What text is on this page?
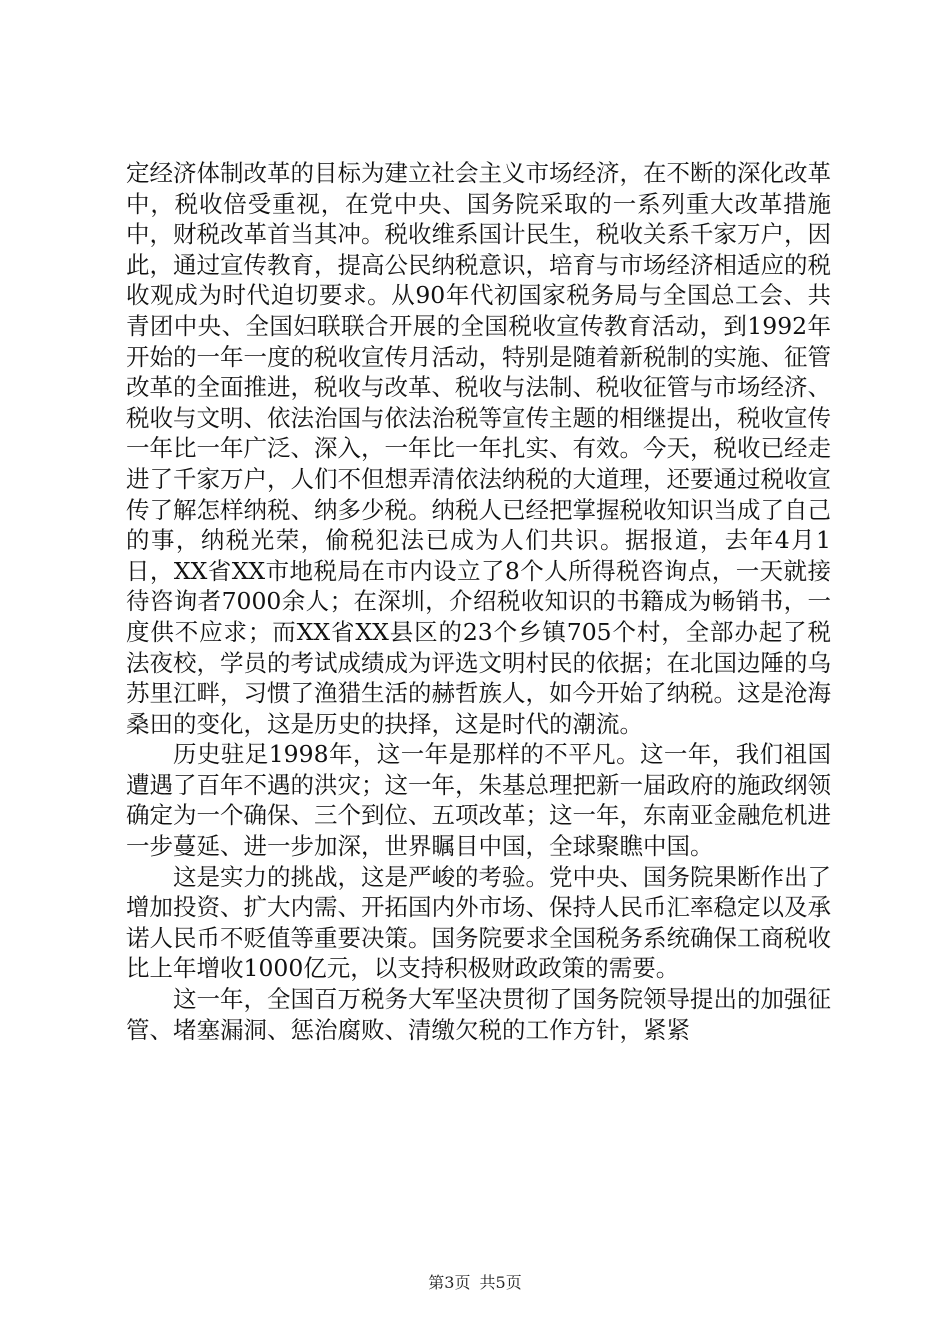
定经济体制改革的目标为建立社会主义市场经济，在不断的深化改革中，税收倍受重视，在党中央、国务院采取的一系列重大改革措施中，财税改革首当其冲。税收维系国计民生，税收关系千家万户，因此，通过宣传教育，提高公民纳税意识，培育与市场经济相适应的税收观成为时代迫切要求。从90年代初国家税务局与全国总工会、共青团中央、全国妇联联合开展的全国税收宣传教育活动，到1992年开始的一年一度的税收宣传月活动，特别是随着新税制的实施、征管改革的全面推进，税收与改革、税收与法制、税收征管与市场经济、税收与文明、依法治国与依法治税等宣传主题的相继提出，税收宣传一年比一年广泛、深入，一年比一年扎实、有效。今天，税收已经走进了千家万户，人们不但想弄清依法纳税的大道理，还要通过税收宣传了解怎样纳税、纳多少税。纳税人已经把掌握税收知识当成了自己的事，纳税光荣，偷税犯法已成为人们共识。据报道，去年4月1日，XX省XX市地税局在市内设立了8个人所得税咨询点，一天就接待咨询者7000余人；在深圳，介绍税收知识的书籍成为畅销书，一度供不应求；而XX省XX县区的23个乡镇705个村，全部办起了税法夜校，学员的考试成绩成为评选文明村民的依据；在北国边陲的乌苏里江畔，习惯了渔猎生活的赫哲族人，如今开始了纳税。这是沧海桑田的变化，这是历史的抉择，这是时代的潮流。

历史驻足1998年，这一年是那样的不平凡。这一年，我们祖国遭遇了百年不遇的洪灾；这一年，朱基总理把新一届政府的施政纲领确定为一个确保、三个到位、五项改革；这一年，东南亚金融危机进一步蔓延、进一步加深，世界瞩目中国，全球聚瞧中国。

这是实力的挑战，这是严峻的考验。党中央、国务院果断作出了增加投资、扩大内需、开拓国内外市场、保持人民币汇率稳定以及承诺人民币不贬值等重要决策。国务院要求全国税务系统确保工商税收比上年增收1000亿元，以支持积极财政政策的需要。

这一年，全国百万税务大军坚决贯彻了国务院领导提出的加强征管、堵塞漏洞、惩治腐败、清缴欠税的工作方针，紧紧

第3页 共5页
